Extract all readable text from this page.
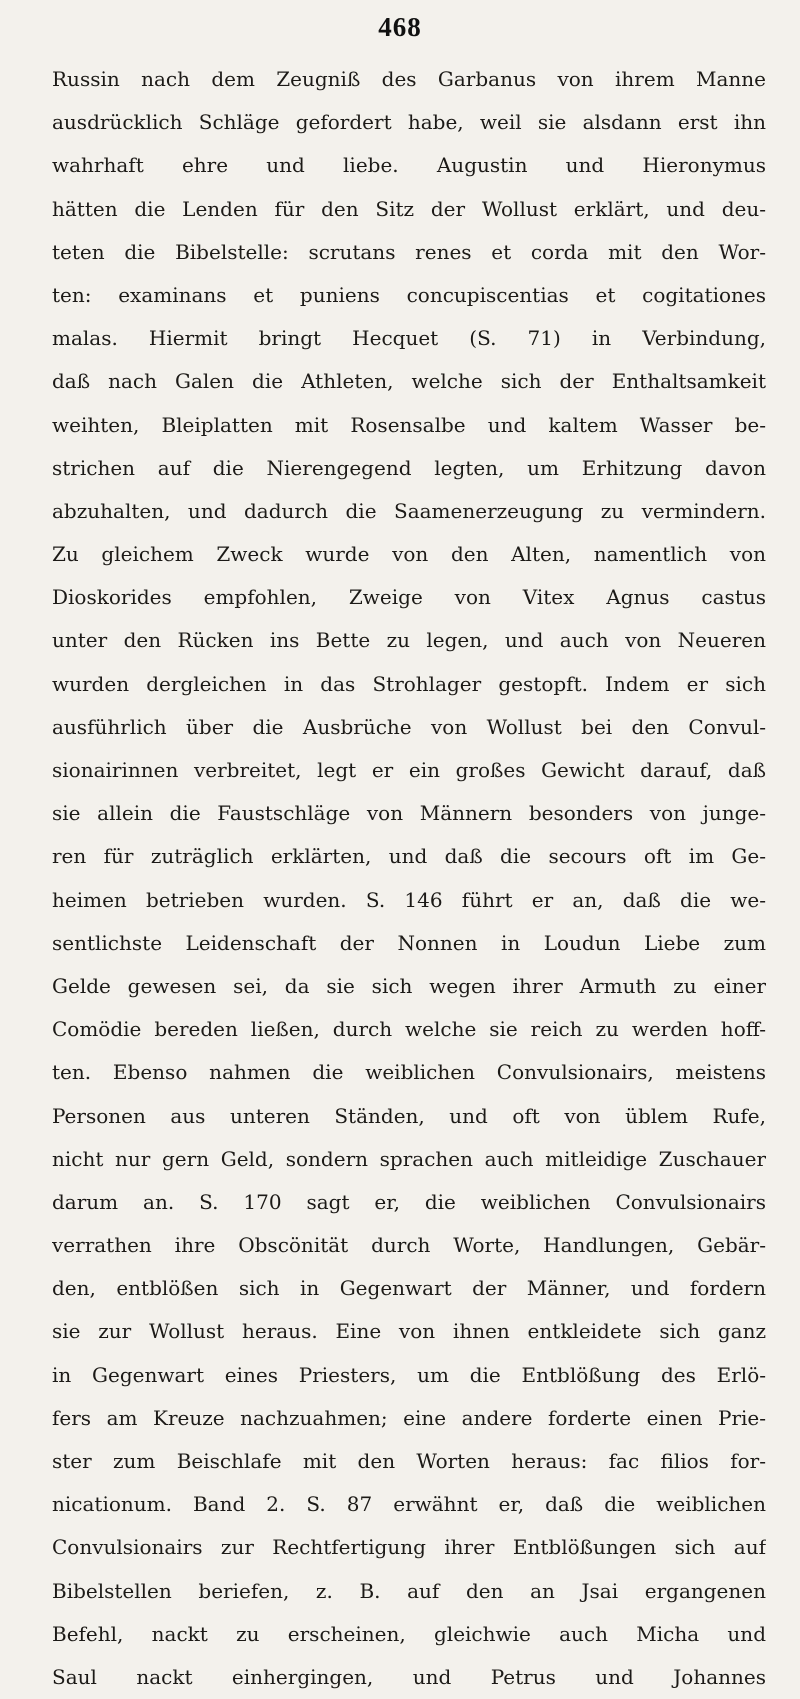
468
Russin nach dem Zeugniß des Garbanus von ihrem Manne
ausdrücklich Schläge gefordert habe, weil sie alsdann erst ihn
wahrhaft ehre und liebe. Augustin und Hieronymus
hätten die Lenden für den Sitz der Wollust erklärt, und deu-
teten die Bibelstelle: scrutans renes et corda mit den Wor-
ten: examinans et puniens concupiscentias et cogitationes
malas. Hiermit bringt Hecquet (S. 71) in Verbindung,
daß nach Galen die Athleten, welche sich der Enthaltsamkeit
weihten, Bleiplatten mit Rosensalbe und kaltem Wasser be-
strichen auf die Nierengegend legten, um Erhitzung davon
abzuhalten, und dadurch die Saamenerzeugung zu vermindern.
Zu gleichem Zweck wurde von den Alten, namentlich von
Dioskorides empfohlen, Zweige von Vitex Agnus castus
unter den Rücken ins Bette zu legen, und auch von Neueren
wurden dergleichen in das Strohlager gestopft. Indem er sich
ausführlich über die Ausbrüche von Wollust bei den Convul-
sionairinnen verbreitet, legt er ein großes Gewicht darauf, daß
sie allein die Faustschläge von Männern besonders von junge-
ren für zuträglich erklärten, und daß die secours oft im Ge-
heimen betrieben wurden. S. 146 führt er an, daß die we-
sentlichste Leidenschaft der Nonnen in Loudun Liebe zum
Gelde gewesen sei, da sie sich wegen ihrer Armuth zu einer
Comödie bereden ließen, durch welche sie reich zu werden hoff-
ten. Ebenso nahmen die weiblichen Convulsionairs, meistens
Personen aus unteren Ständen, und oft von üblem Rufe,
nicht nur gern Geld, sondern sprachen auch mitleidige Zuschauer
darum an. S. 170 sagt er, die weiblichen Convulsionairs
verrathen ihre Obscönität durch Worte, Handlungen, Gebär-
den, entblößen sich in Gegenwart der Männer, und fordern
sie zur Wollust heraus. Eine von ihnen entkleidete sich ganz
in Gegenwart eines Priesters, um die Entblößung des Erlö-
fers am Kreuze nachzuahmen; eine andere forderte einen Prie-
ster zum Beischlafe mit den Worten heraus: fac filios for-
nicationum. Band 2. S. 87 erwähnt er, daß die weiblichen
Convulsionairs zur Rechtfertigung ihrer Entblößungen sich auf
Bibelstellen beriefen, z. B. auf den an Jsai ergangenen
Befehl, nackt zu erscheinen, gleichwie auch Micha und
Saul nackt einhergingen, und Petrus und Johannes
